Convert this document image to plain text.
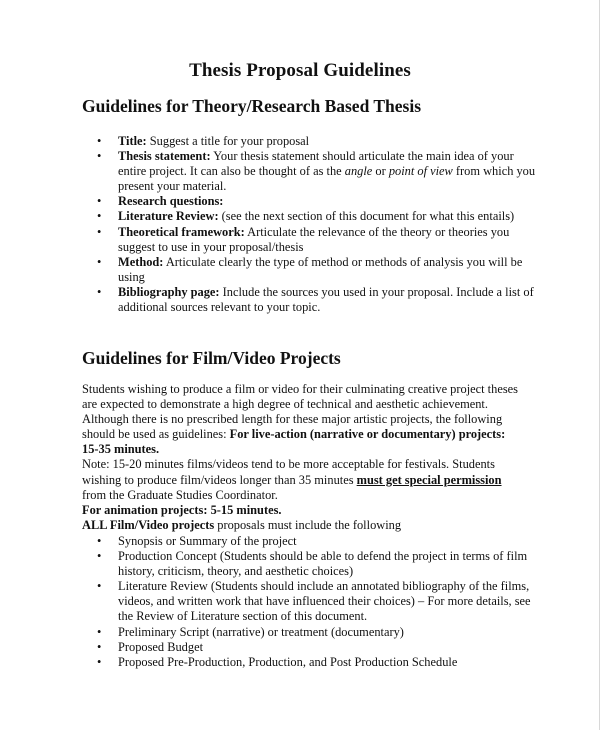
Thesis Proposal Guidelines
Guidelines for Theory/Research Based Thesis
• Title: Suggest a title for your proposal
• Thesis statement: Your thesis statement should articulate the main idea of your entire project. It can also be thought of as the angle or point of view from which you present your material.
• Research questions:
• Literature Review: (see the next section of this document for what this entails)
• Theoretical framework: Articulate the relevance of the theory or theories you suggest to use in your proposal/thesis
• Method: Articulate clearly the type of method or methods of analysis you will be using
• Bibliography page: Include the sources you used in your proposal. Include a list of additional sources relevant to your topic.
Guidelines for Film/Video Projects
Students wishing to produce a film or video for their culminating creative project theses are expected to demonstrate a high degree of technical and aesthetic achievement. Although there is no prescribed length for these major artistic projects, the following should be used as guidelines: For live-action (narrative or documentary) projects: 15-35 minutes.
Note: 15-20 minutes films/videos tend to be more acceptable for festivals. Students wishing to produce film/videos longer than 35 minutes must get special permission from the Graduate Studies Coordinator.
For animation projects: 5-15 minutes.
ALL Film/Video projects proposals must include the following
• Synopsis or Summary of the project
• Production Concept (Students should be able to defend the project in terms of film history, criticism, theory, and aesthetic choices)
• Literature Review (Students should include an annotated bibliography of the films, videos, and written work that have influenced their choices) – For more details, see the Review of Literature section of this document.
• Preliminary Script (narrative) or treatment (documentary)
• Proposed Budget
• Proposed Pre-Production, Production, and Post Production Schedule
